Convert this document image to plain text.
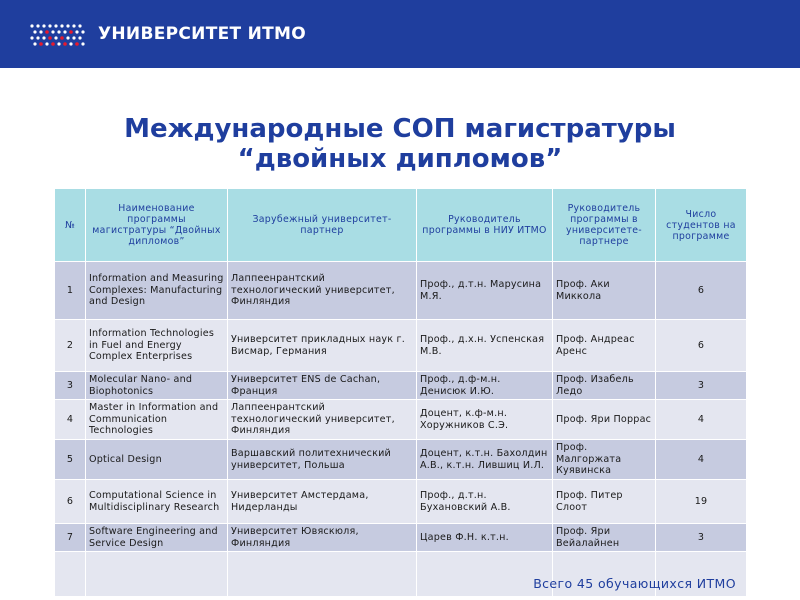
УНИВЕРСИТЕТ ИТМО
Международные СОП магистратуры
“двойных дипломов”
№	Наименование программы магистратуры “Двойных дипломов”	Зарубежный университет-партнер	Руководитель программы в НИУ ИТМО	Руководитель программы в университете-партнере	Число студентов на программе
1	Information and Measuring Complexes: Manufacturing and Design	Лаппеенрантский технологический университет, Финляндия	Проф., д.т.н. Марусина М.Я.	Проф. Аки Миккола	6
2	Information Technologies in Fuel and Energy Complex Enterprises	Университет прикладных наук г. Висмар, Германия	Проф., д.х.н. Успенская М.В.	Проф. Андреас Аренс	6
3	Molecular Nano- and Biophotonics	Университет ENS de Cachan, Франция	Проф., д.ф-м.н. Денисюк И.Ю.	Проф. Изабель Ледо	3
4	Master in Information and Communication Technologies	Лаппеенрантский технологический университет, Финляндия	Доцент, к.ф-м.н. Хоружников С.Э.	Проф. Яри Поррас	4
5	Optical Design	Варшавский политехнический университет, Польша	Доцент, к.т.н. Бахолдин А.В., к.т.н. Лившиц И.Л.	Проф. Малгоржата Куявинска	4
6	Computational Science in Multidisciplinary Research	Университет Амстердама, Нидерланды	Проф., д.т.н. Бухановский А.В.	Проф. Питер Слоот	19
7	Software Engineering and Service Design	Университет Ювяскюля, Финляндия	Царев Ф.Н. к.т.н.	Проф. Яри Вейалайнен	3

Всего 45 обучающихся ИТМО
